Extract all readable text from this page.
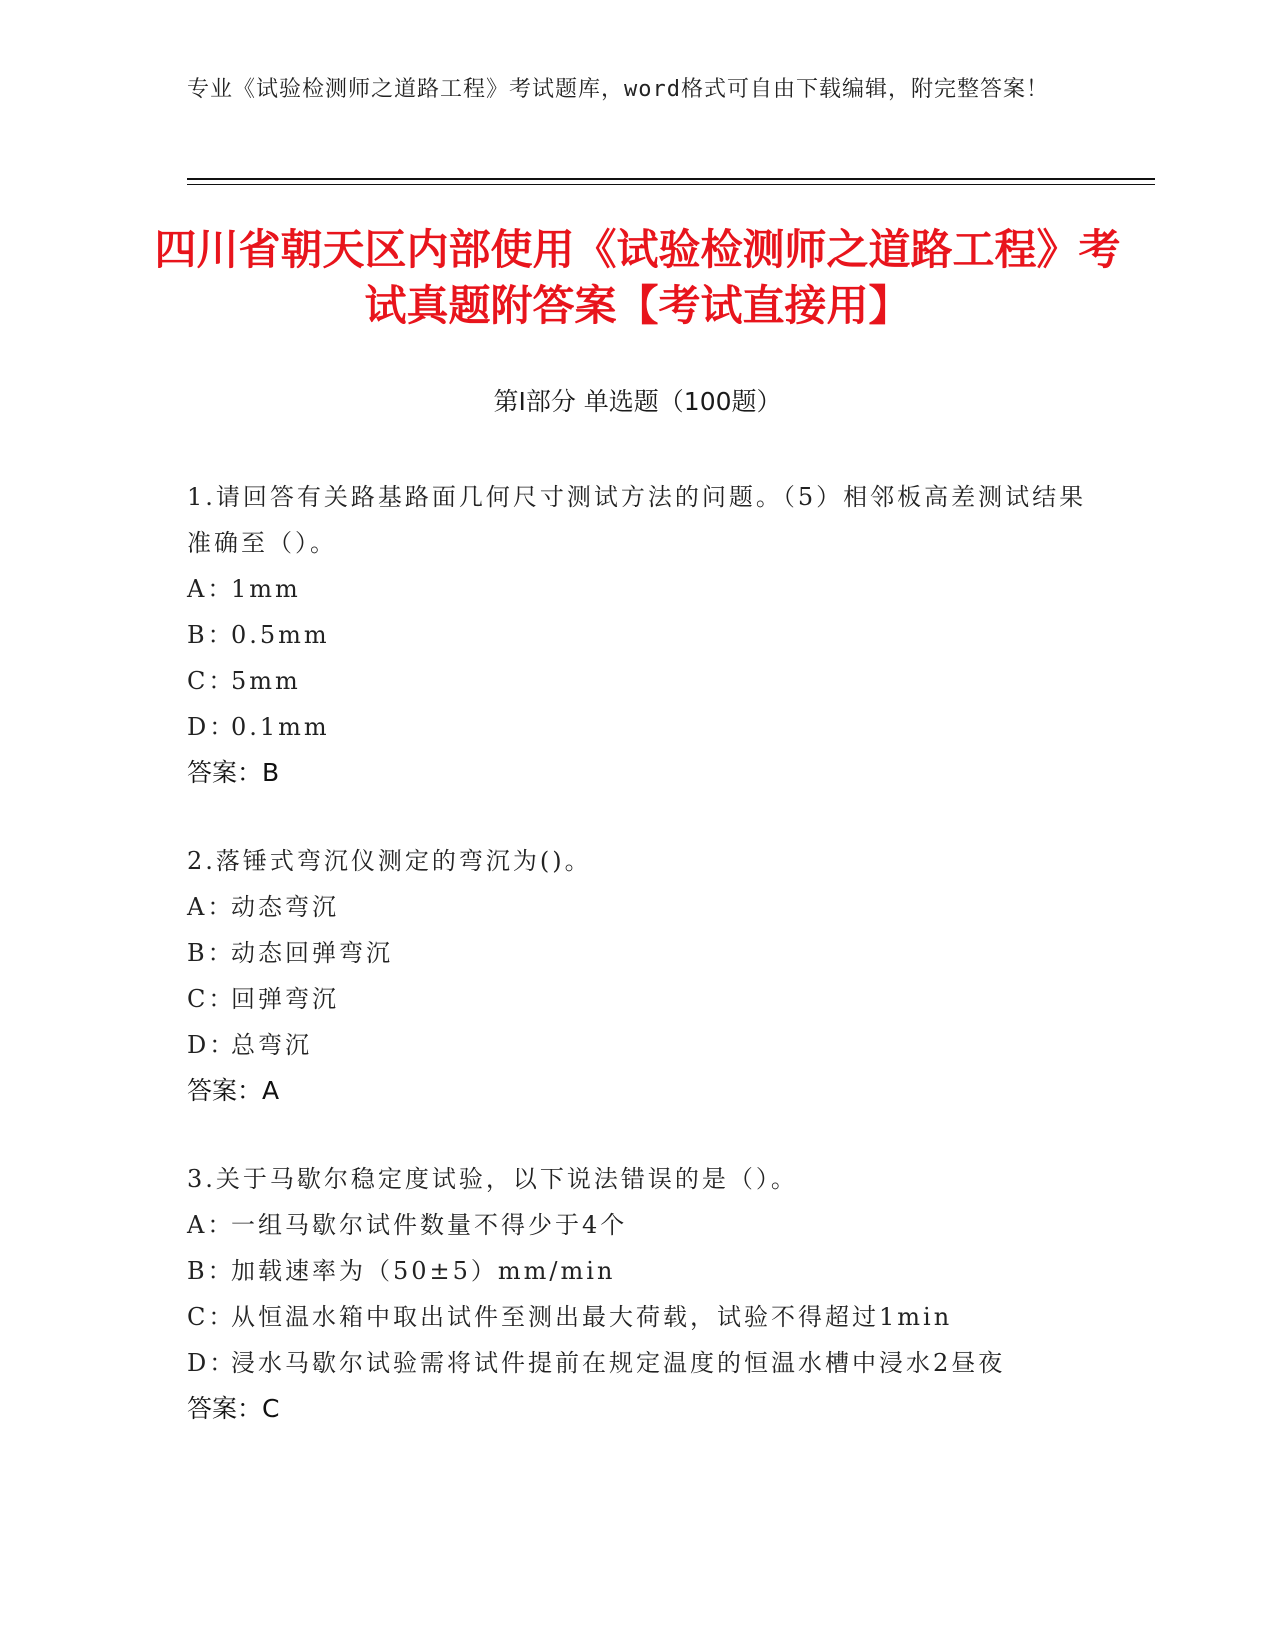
专业《试验检测师之道路工程》考试题库，word格式可自由下载编辑，附完整答案！
四川省朝天区内部使用《试验检测师之道路工程》考试真题附答案【考试直接用】
第Ⅰ部分 单选题（100题）
1.请回答有关路基路面几何尺寸测试方法的问题。（5）相邻板高差测试结果准确至（）。
A：1mm
B：0.5mm
C：5mm
D：0.1mm
答案：B
2.落锤式弯沉仪测定的弯沉为()。
A：动态弯沉
B：动态回弹弯沉
C：回弹弯沉
D：总弯沉
答案：A
3.关于马歇尔稳定度试验，以下说法错误的是（）。
A：一组马歇尔试件数量不得少于4个
B：加载速率为（50±5）mm/min
C：从恒温水箱中取出试件至测出最大荷载，试验不得超过1min
D：浸水马歇尔试验需将试件提前在规定温度的恒温水槽中浸水2昼夜
答案：C
